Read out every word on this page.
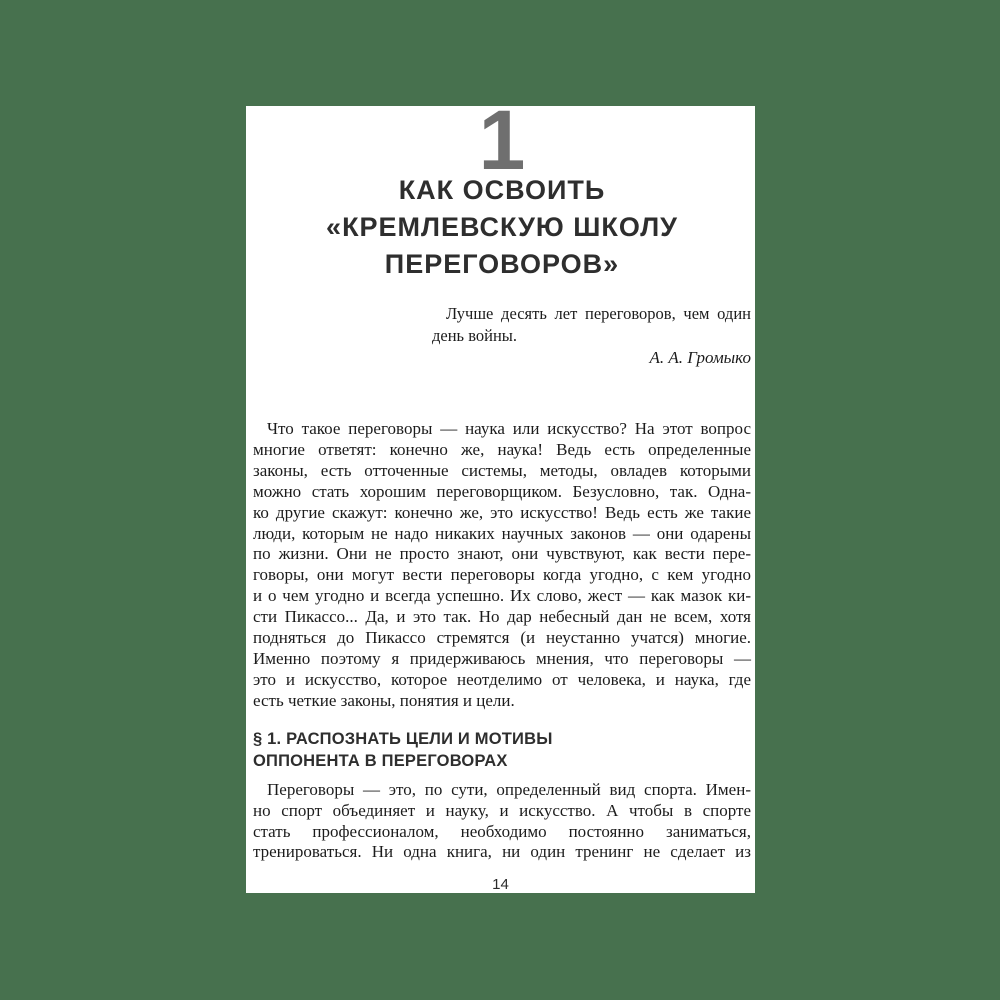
1
КАК ОСВОИТЬ
«КРЕМЛЕВСКУЮ ШКОЛУ
ПЕРЕГОВОРОВ»
Лучше десять лет переговоров, чем один
день войны.
А. А. Громыко
Что такое переговоры — наука или искусство? На этот вопрос
многие ответят: конечно же, наука! Ведь есть определенные
законы, есть отточенные системы, методы, овладев которыми
можно стать хорошим переговорщиком. Безусловно, так. Одна-
ко другие скажут: конечно же, это искусство! Ведь есть же такие
люди, которым не надо никаких научных законов — они одарены
по жизни. Они не просто знают, они чувствуют, как вести пере-
говоры, они могут вести переговоры когда угодно, с кем угодно
и о чем угодно и всегда успешно. Их слово, жест — как мазок ки-
сти Пикассо... Да, и это так. Но дар небесный дан не всем, хотя
подняться до Пикассо стремятся (и неустанно учатся) многие.
Именно поэтому я придерживаюсь мнения, что переговоры —
это и искусство, которое неотделимо от человека, и наука, где
есть четкие законы, понятия и цели.
§ 1. РАСПОЗНАТЬ ЦЕЛИ И МОТИВЫ
ОППОНЕНТА В ПЕРЕГОВОРАХ
Переговоры — это, по сути, определенный вид спорта. Имен-
но спорт объединяет и науку, и искусство. А чтобы в спорте
стать профессионалом, необходимо постоянно заниматься,
тренироваться. Ни одна книга, ни один тренинг не сделает из
14
